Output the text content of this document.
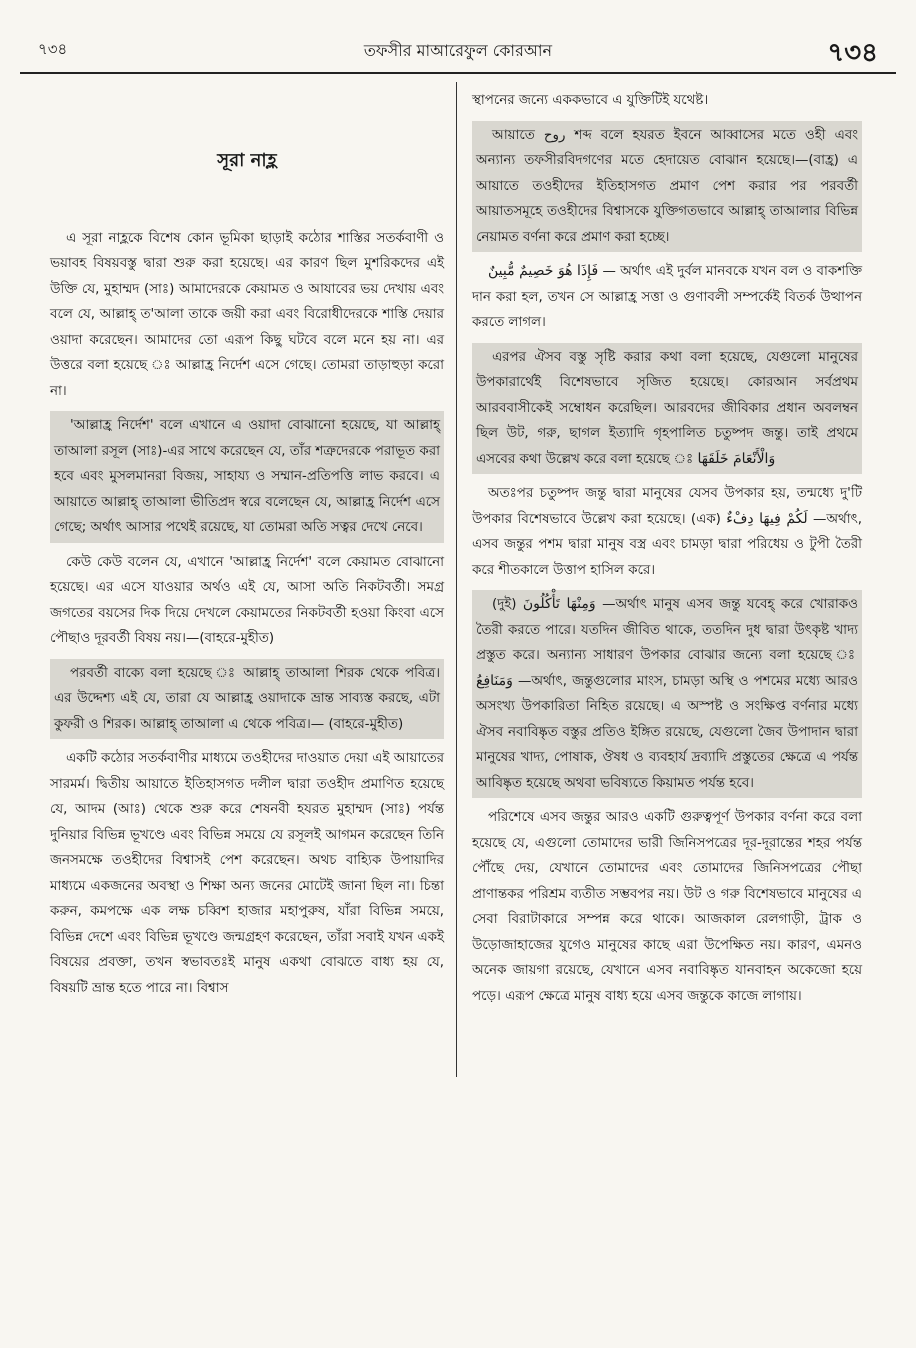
৭৩৪	তফসীর মাআরেফুল কোরআন	৭৩৪
সূরা নাহ্ল

এ সূরা নাহ্লকে বিশেষ কোন ভূমিকা ছাড়াই কঠোর শাস্তির সতর্কবাণী ও ভয়াবহ বিষয়বস্তু দ্বারা শুরু করা হয়েছে। এর কারণ ছিল মুশরিকদের এই উক্তি যে, মুহাম্মদ (সাঃ) আমাদেরকে কেয়ামত ও আযাবের ভয় দেখায় এবং বলে যে, আল্লাহ্ ত'আলা তাকে জয়ী করা এবং বিরোধীদেরকে শাস্তি দেয়ার ওয়াদা করেছেন। আমাদের তো এরূপ কিছু ঘটবে বলে মনে হয় না। এর উত্তরে বলা হয়েছে ঃ আল্লাহ্র নির্দেশ এসে গেছে। তোমরা তাড়াহুড়া করো না।

'আল্লাহ্র নির্দেশ' বলে এখানে এ ওয়াদা বোঝানো হয়েছে, যা আল্লাহ্ তাআলা রসূল (সাঃ)-এর সাথে করেছেন যে, তাঁর শত্রুদেরকে পরাভূত করা হবে এবং মুসলমানরা বিজয়, সাহায্য ও সম্মান-প্রতিপত্তি লাভ করবে। এ আয়াতে আল্লাহ্ তাআলা ভীতিপ্রদ স্বরে বলেছেন যে, আল্লাহ্র নির্দেশ এসে গেছে; অর্থাৎ আসার পথেই রয়েছে, যা তোমরা অতি সত্বর দেখে নেবে।

কেউ কেউ বলেন যে, এখানে 'আল্লাহ্র নির্দেশ' বলে কেয়ামত বোঝানো হয়েছে। এর এসে যাওয়ার অর্থও এই যে, আসা অতি নিকটবর্তী। সমগ্র জগতের বয়সের দিক দিয়ে দেখলে কেয়ামতের নিকটবর্তী হওয়া কিংবা এসে পৌছাও দূরবর্তী বিষয় নয়।—(বাহরে-মুহীত)

পরবর্তী বাক্যে বলা হয়েছে ঃ আল্লাহ্ তাআলা শিরক থেকে পবিত্র। এর উদ্দেশ্য এই যে, তারা যে আল্লাহ্র ওয়াদাকে ভ্রান্ত সাব্যস্ত করছে, এটা কুফরী ও শিরক। আল্লাহ্ তাআলা এ থেকে পবিত্র।— (বাহরে-মুহীত)

একটি কঠোর সতর্কবাণীর মাধ্যমে তওহীদের দাওয়াত দেয়া এই আয়াতের সারমর্ম। দ্বিতীয় আয়াতে ইতিহাসগত দলীল দ্বারা তওহীদ প্রমাণিত হয়েছে যে, আদম (আঃ) থেকে শুরু করে শেষনবী হযরত মুহাম্মদ (সাঃ) পর্যন্ত দুনিয়ার বিভিন্ন ভূখণ্ডে এবং বিভিন্ন সময়ে যে রসূলই আগমন করেছেন তিনি জনসমক্ষে তওহীদের বিশ্বাসই পেশ করেছেন। অথচ বাহ্যিক উপায়াদির মাধ্যমে একজনের অবস্থা ও শিক্ষা অন্য জনের মোটেই জানা ছিল না। চিন্তা করুন, কমপক্ষে এক লক্ষ চব্বিশ হাজার মহাপুরুষ, যাঁরা বিভিন্ন সময়ে, বিভিন্ন দেশে এবং বিভিন্ন ভূখণ্ডে জন্মগ্রহণ করেছেন, তাঁরা সবাই যখন একই বিষয়ের প্রবক্তা, তখন স্বভাবতঃই মানুষ একথা বোঝতে বাধ্য হয় যে, বিষয়টি ভ্রান্ত হতে পারে না। বিশ্বাস

স্থাপনের জন্যে এককভাবে এ যুক্তিটিই যথেষ্ট।

আয়াতে روح শব্দ বলে হযরত ইবনে আব্বাসের মতে ওহী এবং অন্যান্য তফসীরবিদগণের মতে হেদায়েত বোঝান হয়েছে।—(বাহ্র) এ আয়াতে তওহীদের ইতিহাসগত প্রমাণ পেশ করার পর পরবর্তী আয়াতসমূহে তওহীদের বিশ্বাসকে যুক্তিগতভাবে আল্লাহ্ তাআলার বিভিন্ন নেয়ামত বর্ণনা করে প্রমাণ করা হচ্ছে।

فَإِذَا هُوَ خَصِيمٌ مُّبِينٌ — অর্থাৎ এই দুর্বল মানবকে যখন বল ও বাকশক্তি দান করা হল, তখন সে আল্লাহ্র সত্তা ও গুণাবলী সম্পর্কেই বিতর্ক উত্থাপন করতে লাগল।

এরপর ঐসব বস্তু সৃষ্টি করার কথা বলা হয়েছে, যেগুলো মানুষের উপকারার্থেই বিশেষভাবে সৃজিত হয়েছে। কোরআন সর্বপ্রথম আরববাসীকেই সম্বোধন করেছিল। আরবদের জীবিকার প্রধান অবলম্বন ছিল উট, গরু, ছাগল ইত্যাদি গৃহপালিত চতুষ্পদ জন্তু। তাই প্রথমে এসবের কথা উল্লেখ করে বলা হয়েছে ঃ وَالْأَنْعَامَ خَلَقَهَا

অতঃপর চতুষ্পদ জন্তু দ্বারা মানুষের যেসব উপকার হয়, তন্মধ্যে দু'টি উপকার বিশেষভাবে উল্লেখ করা হয়েছে। (এক) لَكُمْ فِيهَا دِفْءٌ —অর্থাৎ, এসব জন্তুর পশম দ্বারা মানুষ বস্ত্র এবং চামড়া দ্বারা পরিধেয় ও টুপী তৈরী করে শীতকালে উত্তাপ হাসিল করে।

(দুই) وَمِنْهَا تَأْكُلُونَ —অর্থাৎ মানুষ এসব জন্তু যবেহ্ করে খোরাকও তৈরী করতে পারে। যতদিন জীবিত থাকে, ততদিন দুধ দ্বারা উৎকৃষ্ট খাদ্য প্রস্তুত করে। অন্যান্য সাধারণ উপকার বোঝার জন্যে বলা হয়েছে ঃ وَمَنَافِعُ —অর্থাৎ, জন্তুগুলোর মাংস, চামড়া অস্থি ও পশমের মধ্যে আরও অসংখ্য উপকারিতা নিহিত রয়েছে। এ অস্পষ্ট ও সংক্ষিপ্ত বর্ণনার মধ্যে ঐসব নবাবিষ্কৃত বস্তুর প্রতিও ইঙ্গিত রয়েছে, যেগুলো জৈব উপাদান দ্বারা মানুষের খাদ্য, পোষাক, ঔষধ ও ব্যবহার্য দ্রব্যাদি প্রস্তুতের ক্ষেত্রে এ পর্যন্ত আবিষ্কৃত হয়েছে অথবা ভবিষ্যতে কিয়ামত পর্যন্ত হবে।

পরিশেষে এসব জন্তুর আরও একটি গুরুত্বপূর্ণ উপকার বর্ণনা করে বলা হয়েছে যে, এগুলো তোমাদের ভারী জিনিসপত্রের দূর-দূরান্তের শহর পর্যন্ত পৌঁছে দেয়, যেখানে তোমাদের এবং তোমাদের জিনিসপত্রের পৌছা প্রাণান্তকর পরিশ্রম ব্যতীত সম্ভবপর নয়। উট ও গরু বিশেষভাবে মানুষের এ সেবা বিরাটাকারে সম্পন্ন করে থাকে। আজকাল রেলগাড়ী, ট্রাক ও উড়োজাহাজের যুগেও মানুষের কাছে এরা উপেক্ষিত নয়। কারণ, এমনও অনেক জায়গা রয়েছে, যেখানে এসব নবাবিষ্কৃত যানবাহন অকেজো হয়ে পড়ে। এরূপ ক্ষেত্রে মানুষ বাধ্য হয়ে এসব জন্তুকে কাজে লাগায়।
